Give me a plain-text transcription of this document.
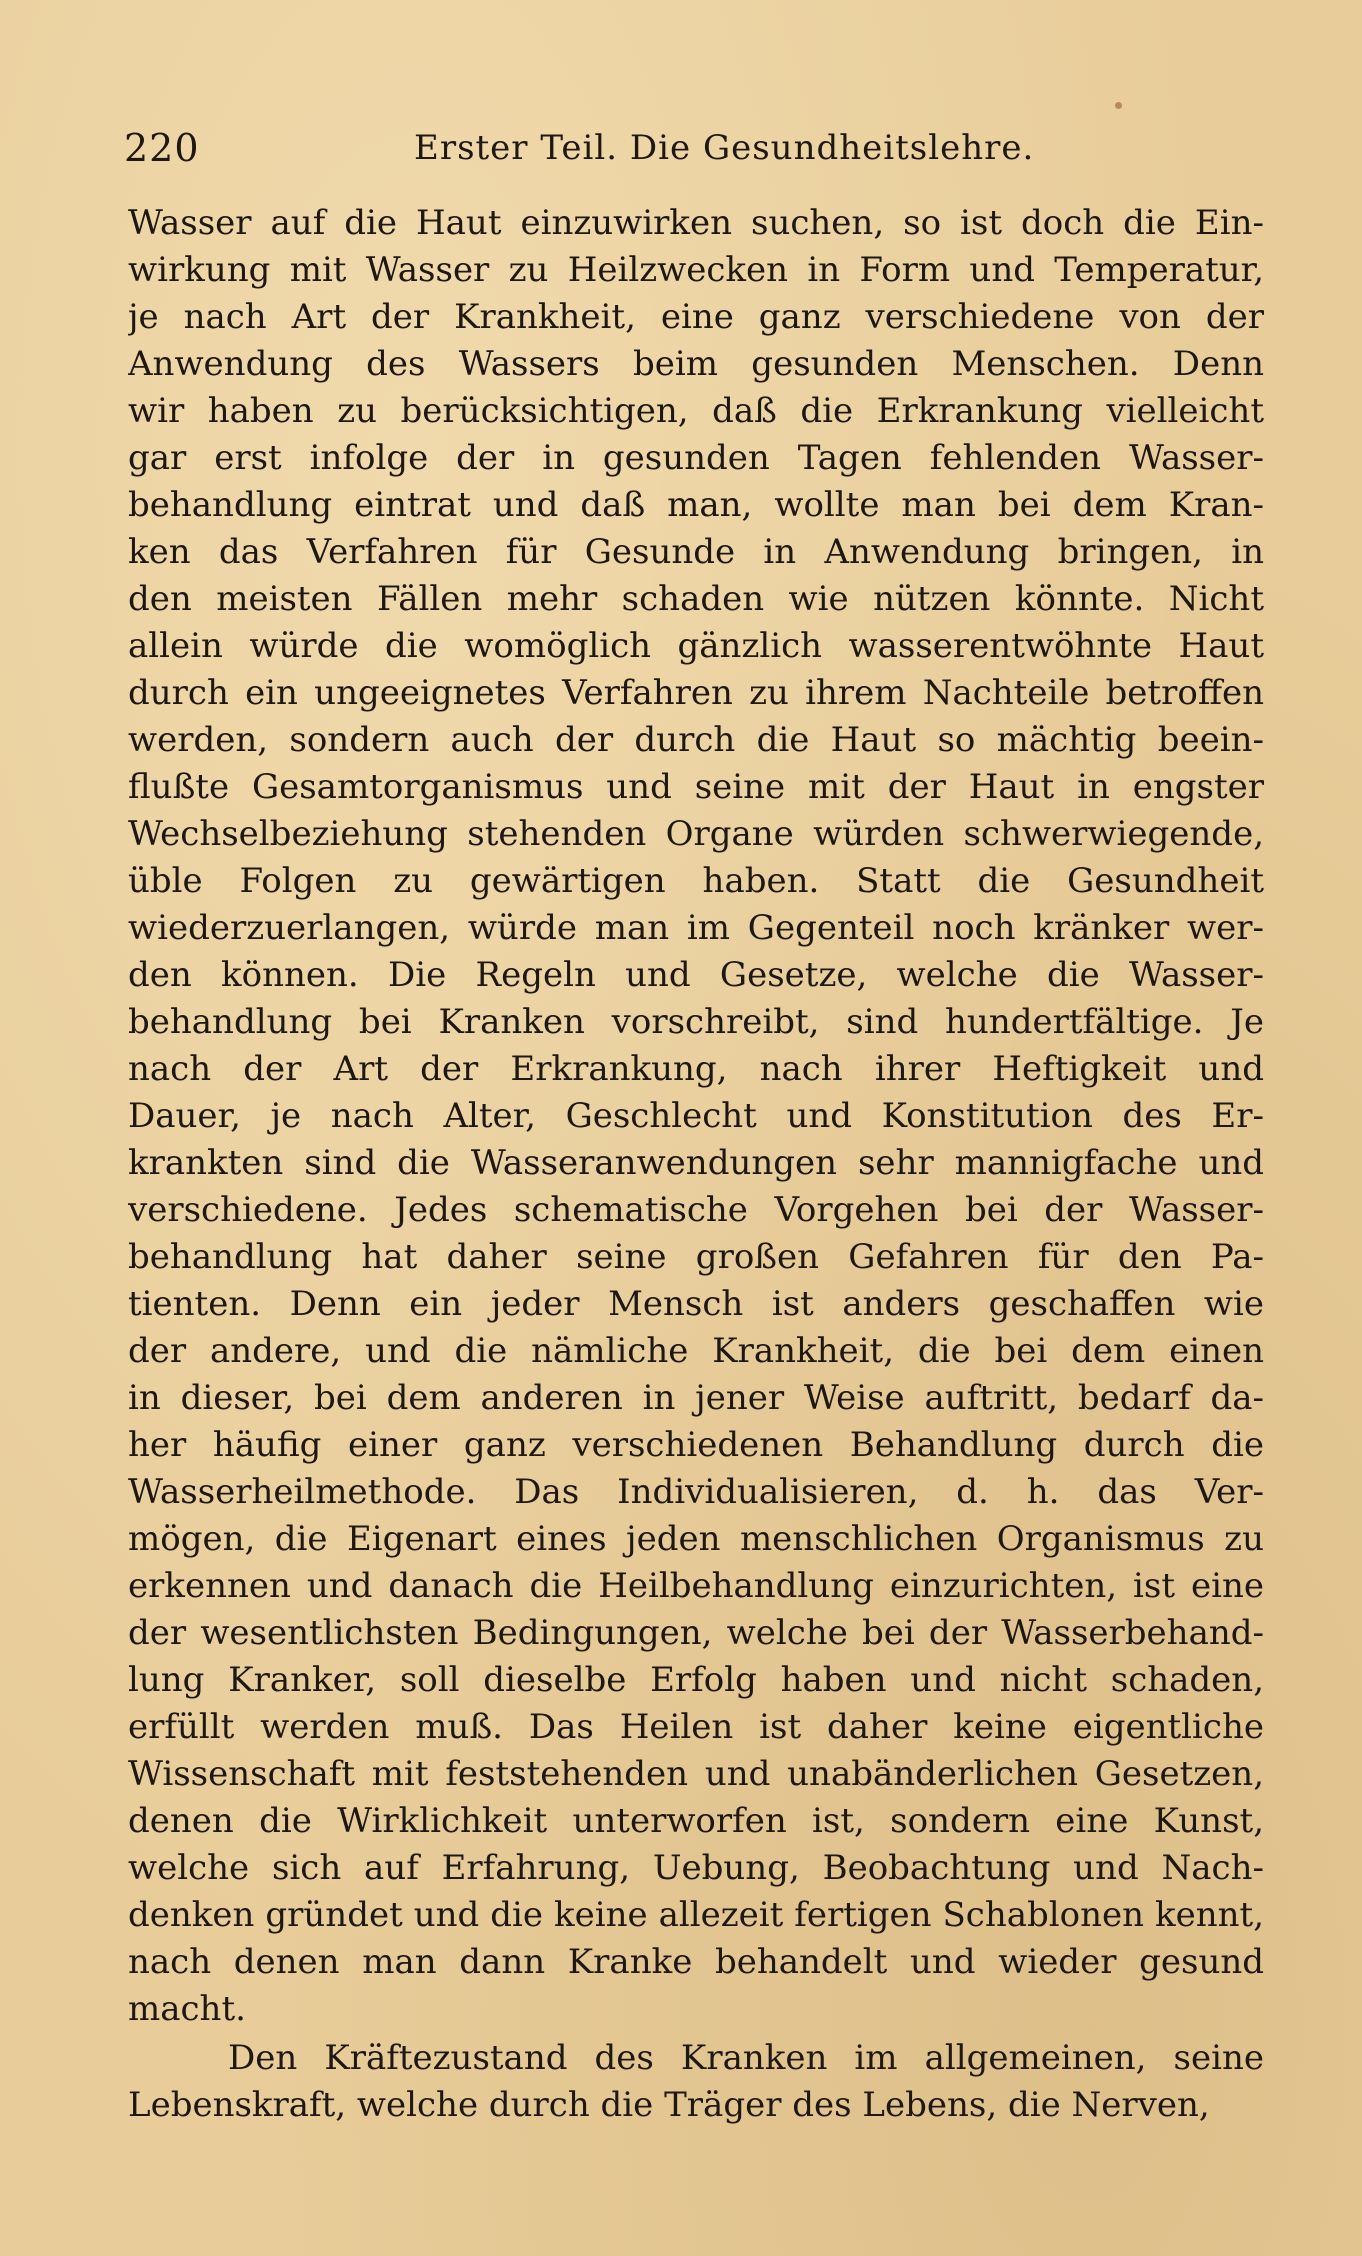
220	Erster Teil. Die Gesundheitslehre.
Wasser auf die Haut einzuwirken suchen, so ist doch die Ein-
wirkung mit Wasser zu Heilzwecken in Form und Temperatur,
je nach Art der Krankheit, eine ganz verschiedene von der
Anwendung des Wassers beim gesunden Menschen. Denn
wir haben zu berücksichtigen, daß die Erkrankung vielleicht
gar erst infolge der in gesunden Tagen fehlenden Wasser-
behandlung eintrat und daß man, wollte man bei dem Kran-
ken das Verfahren für Gesunde in Anwendung bringen, in
den meisten Fällen mehr schaden wie nützen könnte. Nicht
allein würde die womöglich gänzlich wasserentwöhnte Haut
durch ein ungeeignetes Verfahren zu ihrem Nachteile betroffen
werden, sondern auch der durch die Haut so mächtig beein-
flußte Gesamtorganismus und seine mit der Haut in engster
Wechselbeziehung stehenden Organe würden schwerwiegende,
üble Folgen zu gewärtigen haben. Statt die Gesundheit
wiederzuerlangen, würde man im Gegenteil noch kränker wer-
den können. Die Regeln und Gesetze, welche die Wasser-
behandlung bei Kranken vorschreibt, sind hundertfältige. Je
nach der Art der Erkrankung, nach ihrer Heftigkeit und
Dauer, je nach Alter, Geschlecht und Konstitution des Er-
krankten sind die Wasseranwendungen sehr mannigfache und
verschiedene. Jedes schematische Vorgehen bei der Wasser-
behandlung hat daher seine großen Gefahren für den Pa-
tienten. Denn ein jeder Mensch ist anders geschaffen wie
der andere, und die nämliche Krankheit, die bei dem einen
in dieser, bei dem anderen in jener Weise auftritt, bedarf da-
her häufig einer ganz verschiedenen Behandlung durch die
Wasserheilmethode. Das Individualisieren, d. h. das Ver-
mögen, die Eigenart eines jeden menschlichen Organismus zu
erkennen und danach die Heilbehandlung einzurichten, ist eine
der wesentlichsten Bedingungen, welche bei der Wasserbehand-
lung Kranker, soll dieselbe Erfolg haben und nicht schaden,
erfüllt werden muß. Das Heilen ist daher keine eigentliche
Wissenschaft mit feststehenden und unabänderlichen Gesetzen,
denen die Wirklichkeit unterworfen ist, sondern eine Kunst,
welche sich auf Erfahrung, Uebung, Beobachtung und Nach-
denken gründet und die keine allezeit fertigen Schablonen kennt,
nach denen man dann Kranke behandelt und wieder gesund
macht.
Den Kräftezustand des Kranken im allgemeinen, seine
Lebenskraft, welche durch die Träger des Lebens, die Nerven,
